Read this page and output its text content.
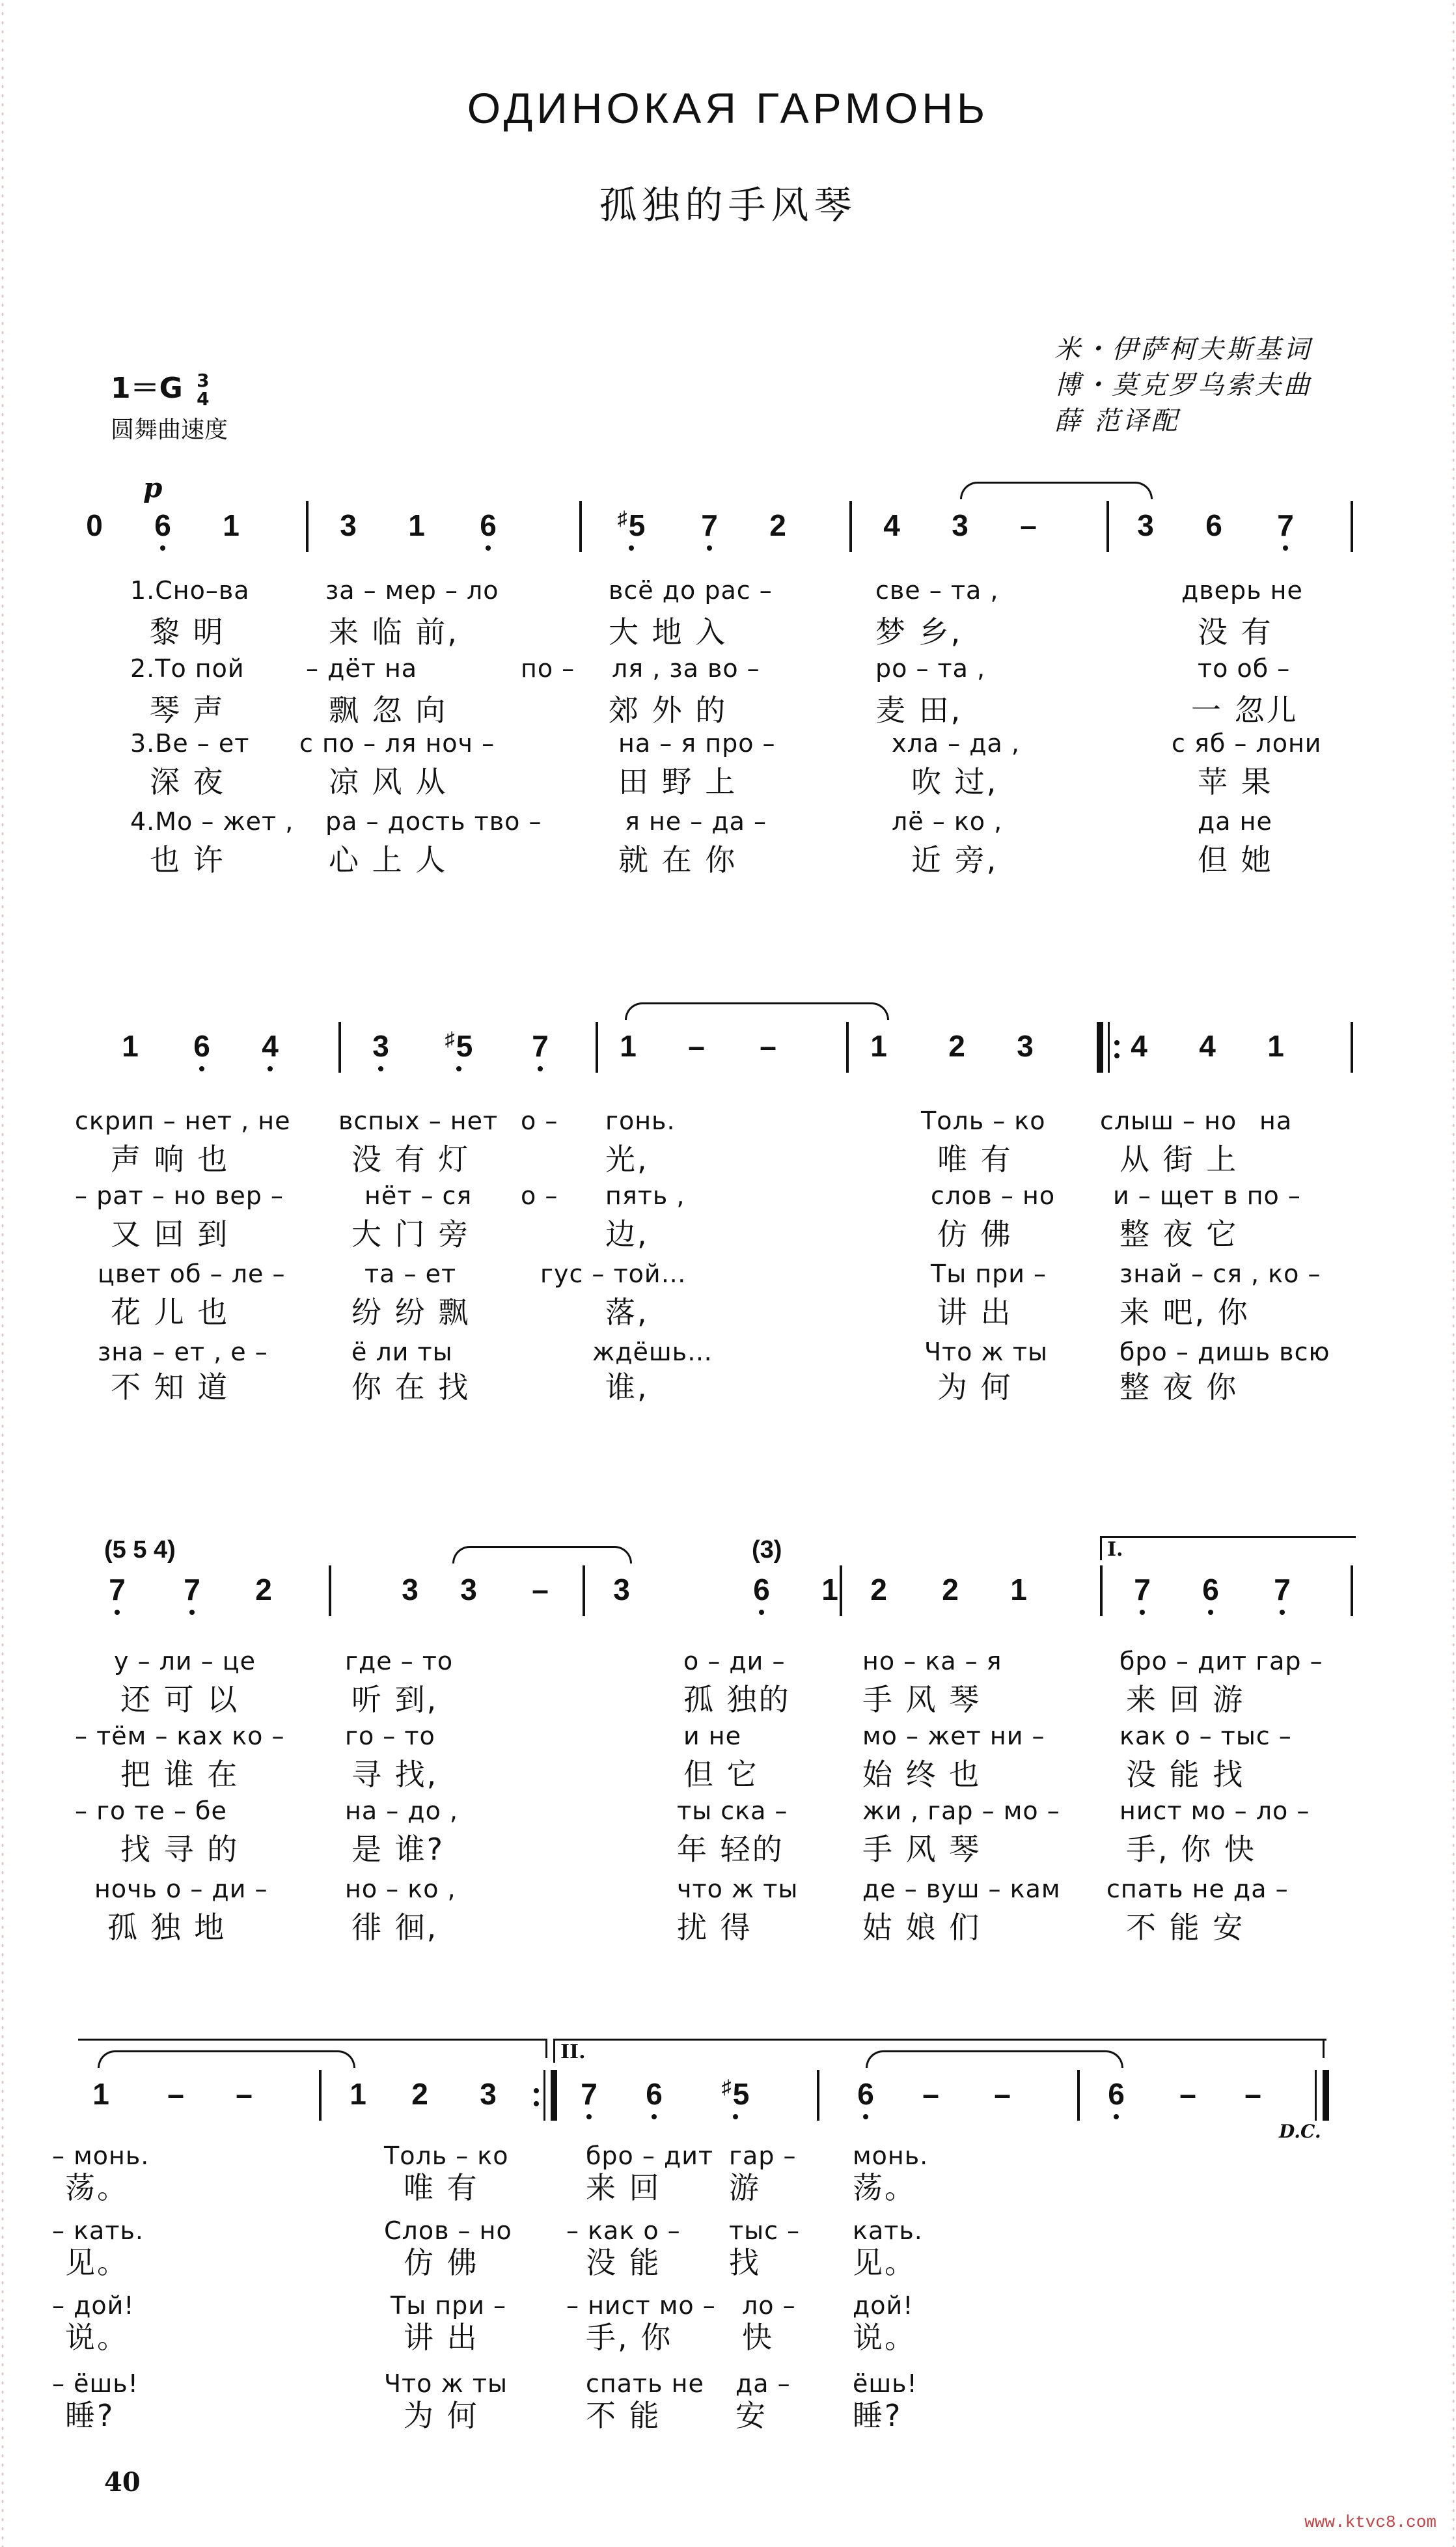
ОДИНОКАЯ ГАРМОНЬ
孤独的手风琴
米・伊萨柯夫斯基词
博・莫克罗乌索夫曲
薛 范译配
1＝G 3
4
圆舞曲速度
p
0	6	1	3	1	6	♯5	7	2	4	3	–	3	6	7
1.Сно–ва	за – мер – ло	всё до рас –	све – та ,	дверь не
黎 明	来 临 前,	大 地 入	梦 乡,	没 有
2.То пой – дёт на	по – ля , за во –	ро – та ,	то об –
琴 声	飘 忽 向	郊 外 的	麦 田,	一 忽儿
3.Ве – ет с по – ля ноч –	на – я про –	хла – да ,	с яб – лони
深 夜	凉 风 从	田 野 上	吹 过,	苹 果
4.Мо – жет , ра – дость тво –	я не – да –	лё – ко ,	да не
也 许	心 上 人	就 在 你	近 旁,	但 她
1	6	4	3	♯5	7	1	–	–	1	2	3	4	4	1
скрип – нет , не вспых – нет о – гонь.	Толь – ко слыш – но на
声 响 也	没 有 灯	光,	唯 有	从 街 上
– рат – но вер –	нёт – ся о – пять ,	слов – но и – щет в по –
又 回 到	大 门 旁	边,	仿 佛	整 夜 它
цвет об – ле –	та – ет	гус – той…	Ты при –	знай – ся , ко –
花 儿 也	纷 纷 飘	落,	讲 出	来 吧, 你
зна – ет , е –	ё ли ты	ждёшь…	Что ж ты	бро – дишь всю
不 知 道	你 在 找	谁,	为 何	整 夜 你
(5 5 4)	(3)	I.
7	7	2	3	3	–	3	6	1	2	2	1	7	6	7
у – ли – це	где – то	о – ди –	но – ка – я	бро – дит гар –
还 可 以	听 到,	孤 独的 手 风 琴	来 回 游
– тём – ках ко – го – то	и не	мо – жет ни –	как о – тыс –
把 谁 在	寻 找,	但 它	始 终 也	没 能 找
– го те – бе	на – до ,	ты ска –	жи , гар – мо – нист мо – ло –
找 寻 的	是 谁?	年 轻的	手 风 琴	手, 你 快
ночь о – ди –	но – ко ,	что ж ты	де – вуш – кам спать не да –
孤 独 地	徘 徊,	扰 得	姑 娘 们	不 能 安
II.
1	–	–	1	2	3	7	6	♯5	6	–	–	6	–	–
D.C.
– монь.	Толь – ко	бро – дит гар – монь.
荡。	唯 有	来 回 游	荡。
– кать.	Слов – но – как о – тыс – кать.
见。	仿 佛	没 能 找	见。
– дой!	Ты при – – нист мо – ло – дой!
说。	讲 出	手, 你 快	说。
– ёшь!	Что ж ты	спать не да –	ёшь!
睡?	为 何	不 能 安	睡?
40
www.ktvc8.com
